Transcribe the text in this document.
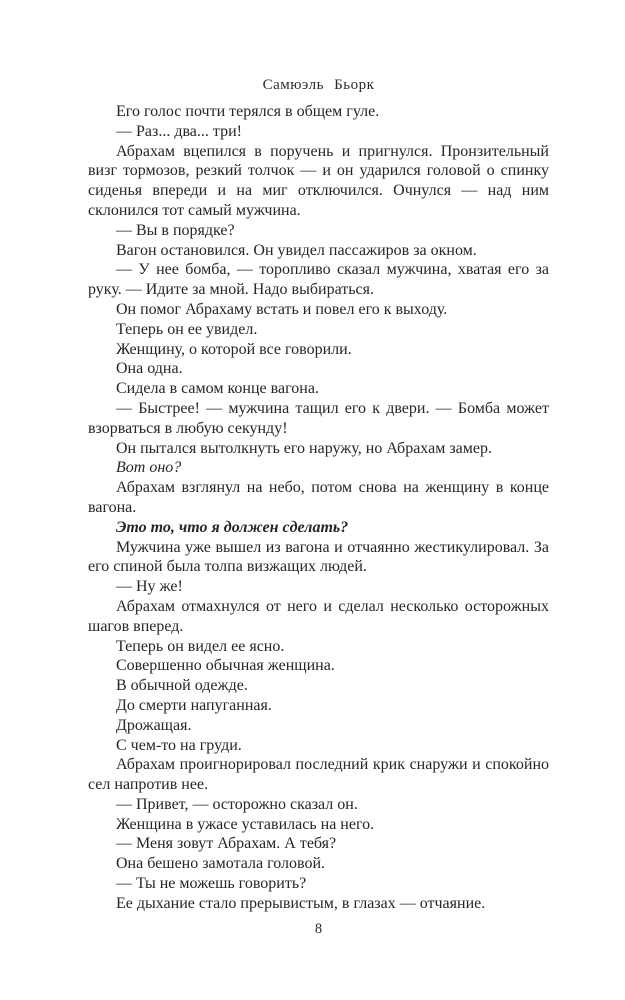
Самюэль Бьорк

Его голос почти терялся в общем гуле.

— Раз... два... три!

Абрахам вцепился в поручень и пригнулся. Пронзительный визг тормозов, резкий толчок — и он ударился головой о спинку сиденья впереди и на миг отключился. Очнулся — над ним склонился тот самый мужчина.

— Вы в порядке?

Вагон остановился. Он увидел пассажиров за окном.

— У нее бомба, — торопливо сказал мужчина, хватая его за руку. — Идите за мной. Надо выбираться.

Он помог Абрахаму встать и повел его к выходу.

Теперь он ее увидел.

Женщину, о которой все говорили.

Она одна.

Сидела в самом конце вагона.

— Быстрее! — мужчина тащил его к двери. — Бомба может взорваться в любую секунду!

Он пытался вытолкнуть его наружу, но Абрахам замер.

Вот оно?

Абрахам взглянул на небо, потом снова на женщину в конце вагона.

Это то, что я должен сделать?

Мужчина уже вышел из вагона и отчаянно жестикулировал. За его спиной была толпа визжащих людей.

— Ну же!

Абрахам отмахнулся от него и сделал несколько осторожных шагов вперед.

Теперь он видел ее ясно.

Совершенно обычная женщина.

В обычной одежде.

До смерти напуганная.

Дрожащая.

С чем-то на груди.

Абрахам проигнорировал последний крик снаружи и спокойно сел напротив нее.

— Привет, — осторожно сказал он.

Женщина в ужасе уставилась на него.

— Меня зовут Абрахам. А тебя?

Она бешено замотала головой.

— Ты не можешь говорить?

Ее дыхание стало прерывистым, в глазах — отчаяние.

8
